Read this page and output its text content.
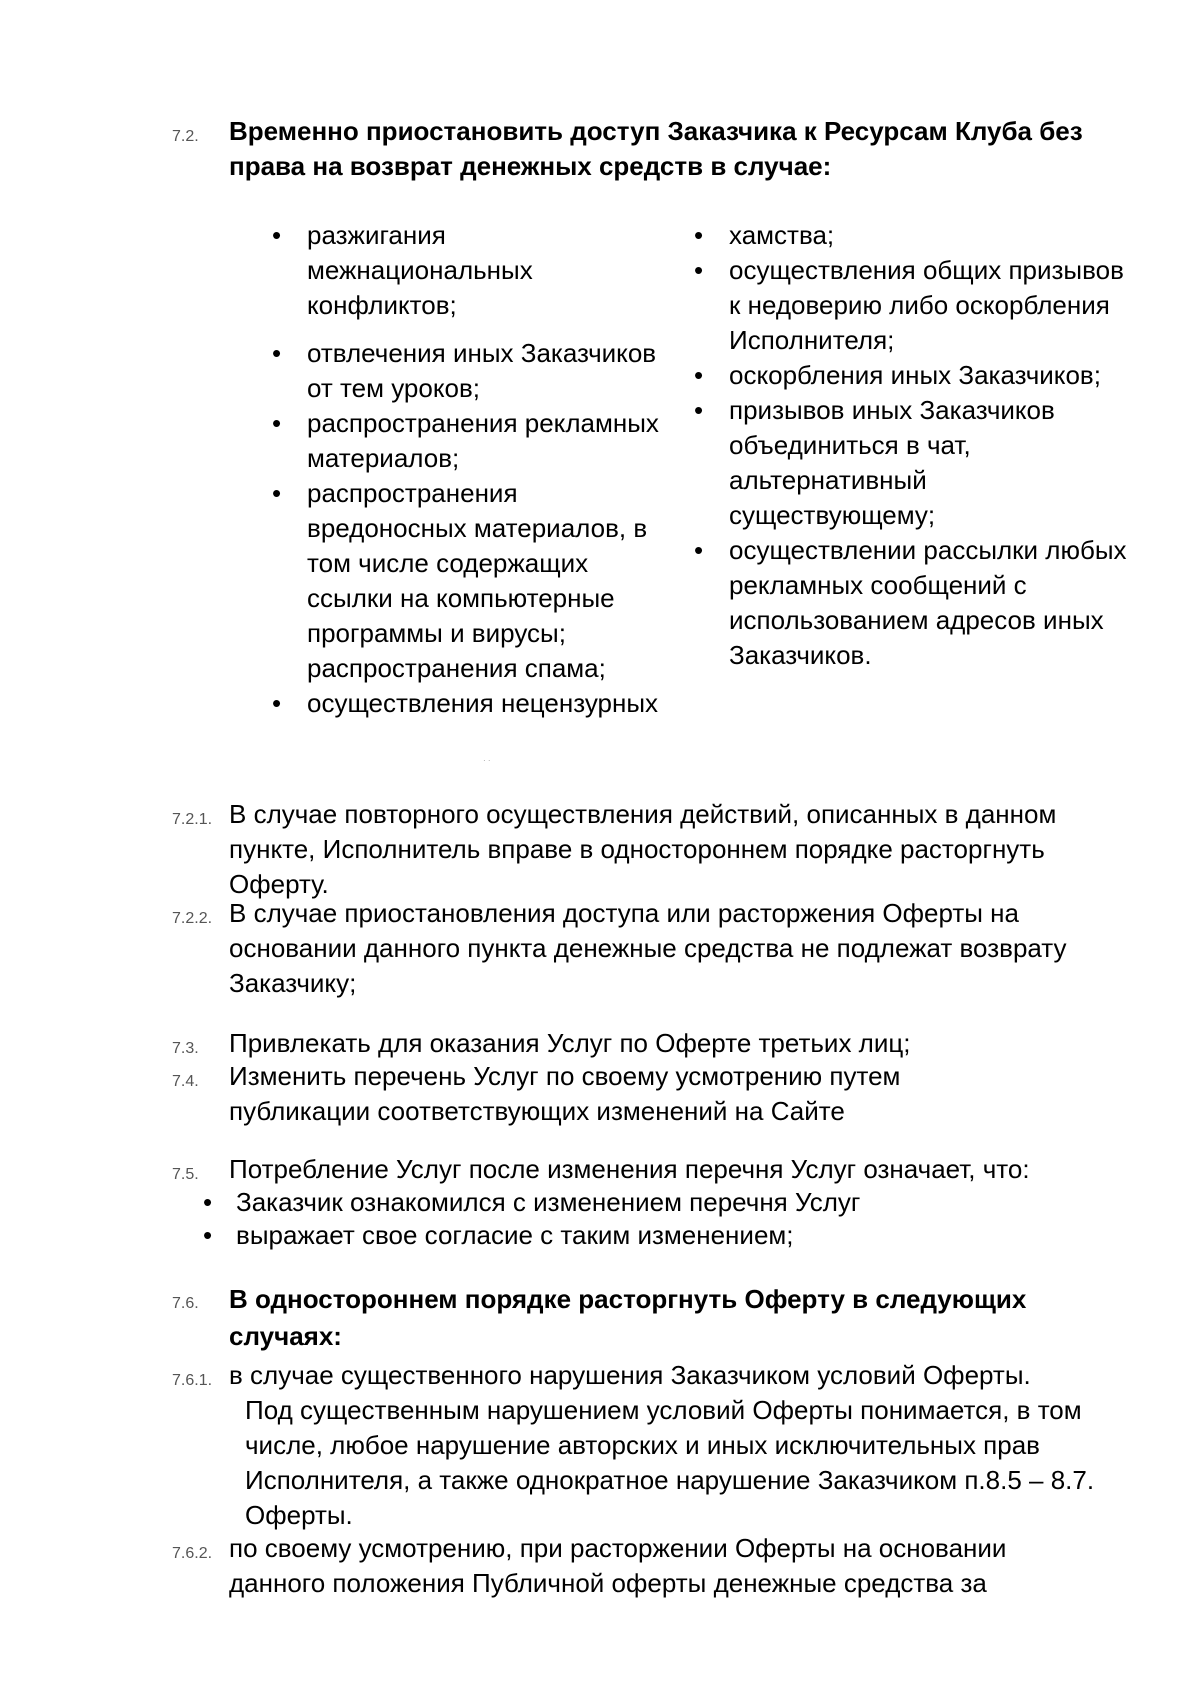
7.2.	Временно приостановить доступ Заказчика к Ресурсам Клуба без права на возврат денежных средств в случае:
• разжигания межнациональных конфликтов;
• отвлечения иных Заказчиков от тем уроков;
• распространения рекламных материалов;
• распространения вредоносных материалов, в том числе содержащих ссылки на компьютерные программы и вирусы;
распространения спама;
• осуществления нецензурных
• хамства;
• осуществления общих призывов к недоверию либо оскорбления Исполнителя;
• оскорбления иных Заказчиков;
• призывов иных Заказчиков объединиться в чат, альтернативный существующему;
• осуществлении рассылки любых рекламных сообщений с использованием адресов иных Заказчиков.
· ·
7.2.1. В случае повторного осуществления действий, описанных в данном пункте, Исполнитель вправе в одностороннем порядке расторгнуть Оферту.
7.2.2. В случае приостановления доступа или расторжения Оферты на основании данного пункта денежные средства не подлежат возврату Заказчику;
7.3.	Привлекать для оказания Услуг по Оферте третьих лиц;
7.4.	Изменить перечень Услуг по своему усмотрению путем публикации соответствующих изменений на Сайте
7.5.	Потребление Услуг после изменения перечня Услуг означает, что:
• Заказчик ознакомился с изменением перечня Услуг
• выражает свое согласие с таким изменением;
7.6.	В одностороннем порядке расторгнуть Оферту в следующих случаях:
7.6.1. в случае существенного нарушения Заказчиком условий Оферты.
Под существенным нарушением условий Оферты понимается, в том числе, любое нарушение авторских и иных исключительных прав Исполнителя, а также однократное нарушение Заказчиком п.8.5 – 8.7. Оферты.
7.6.2. по своему усмотрению, при расторжении Оферты на основании данного положения Публичной оферты денежные средства за
